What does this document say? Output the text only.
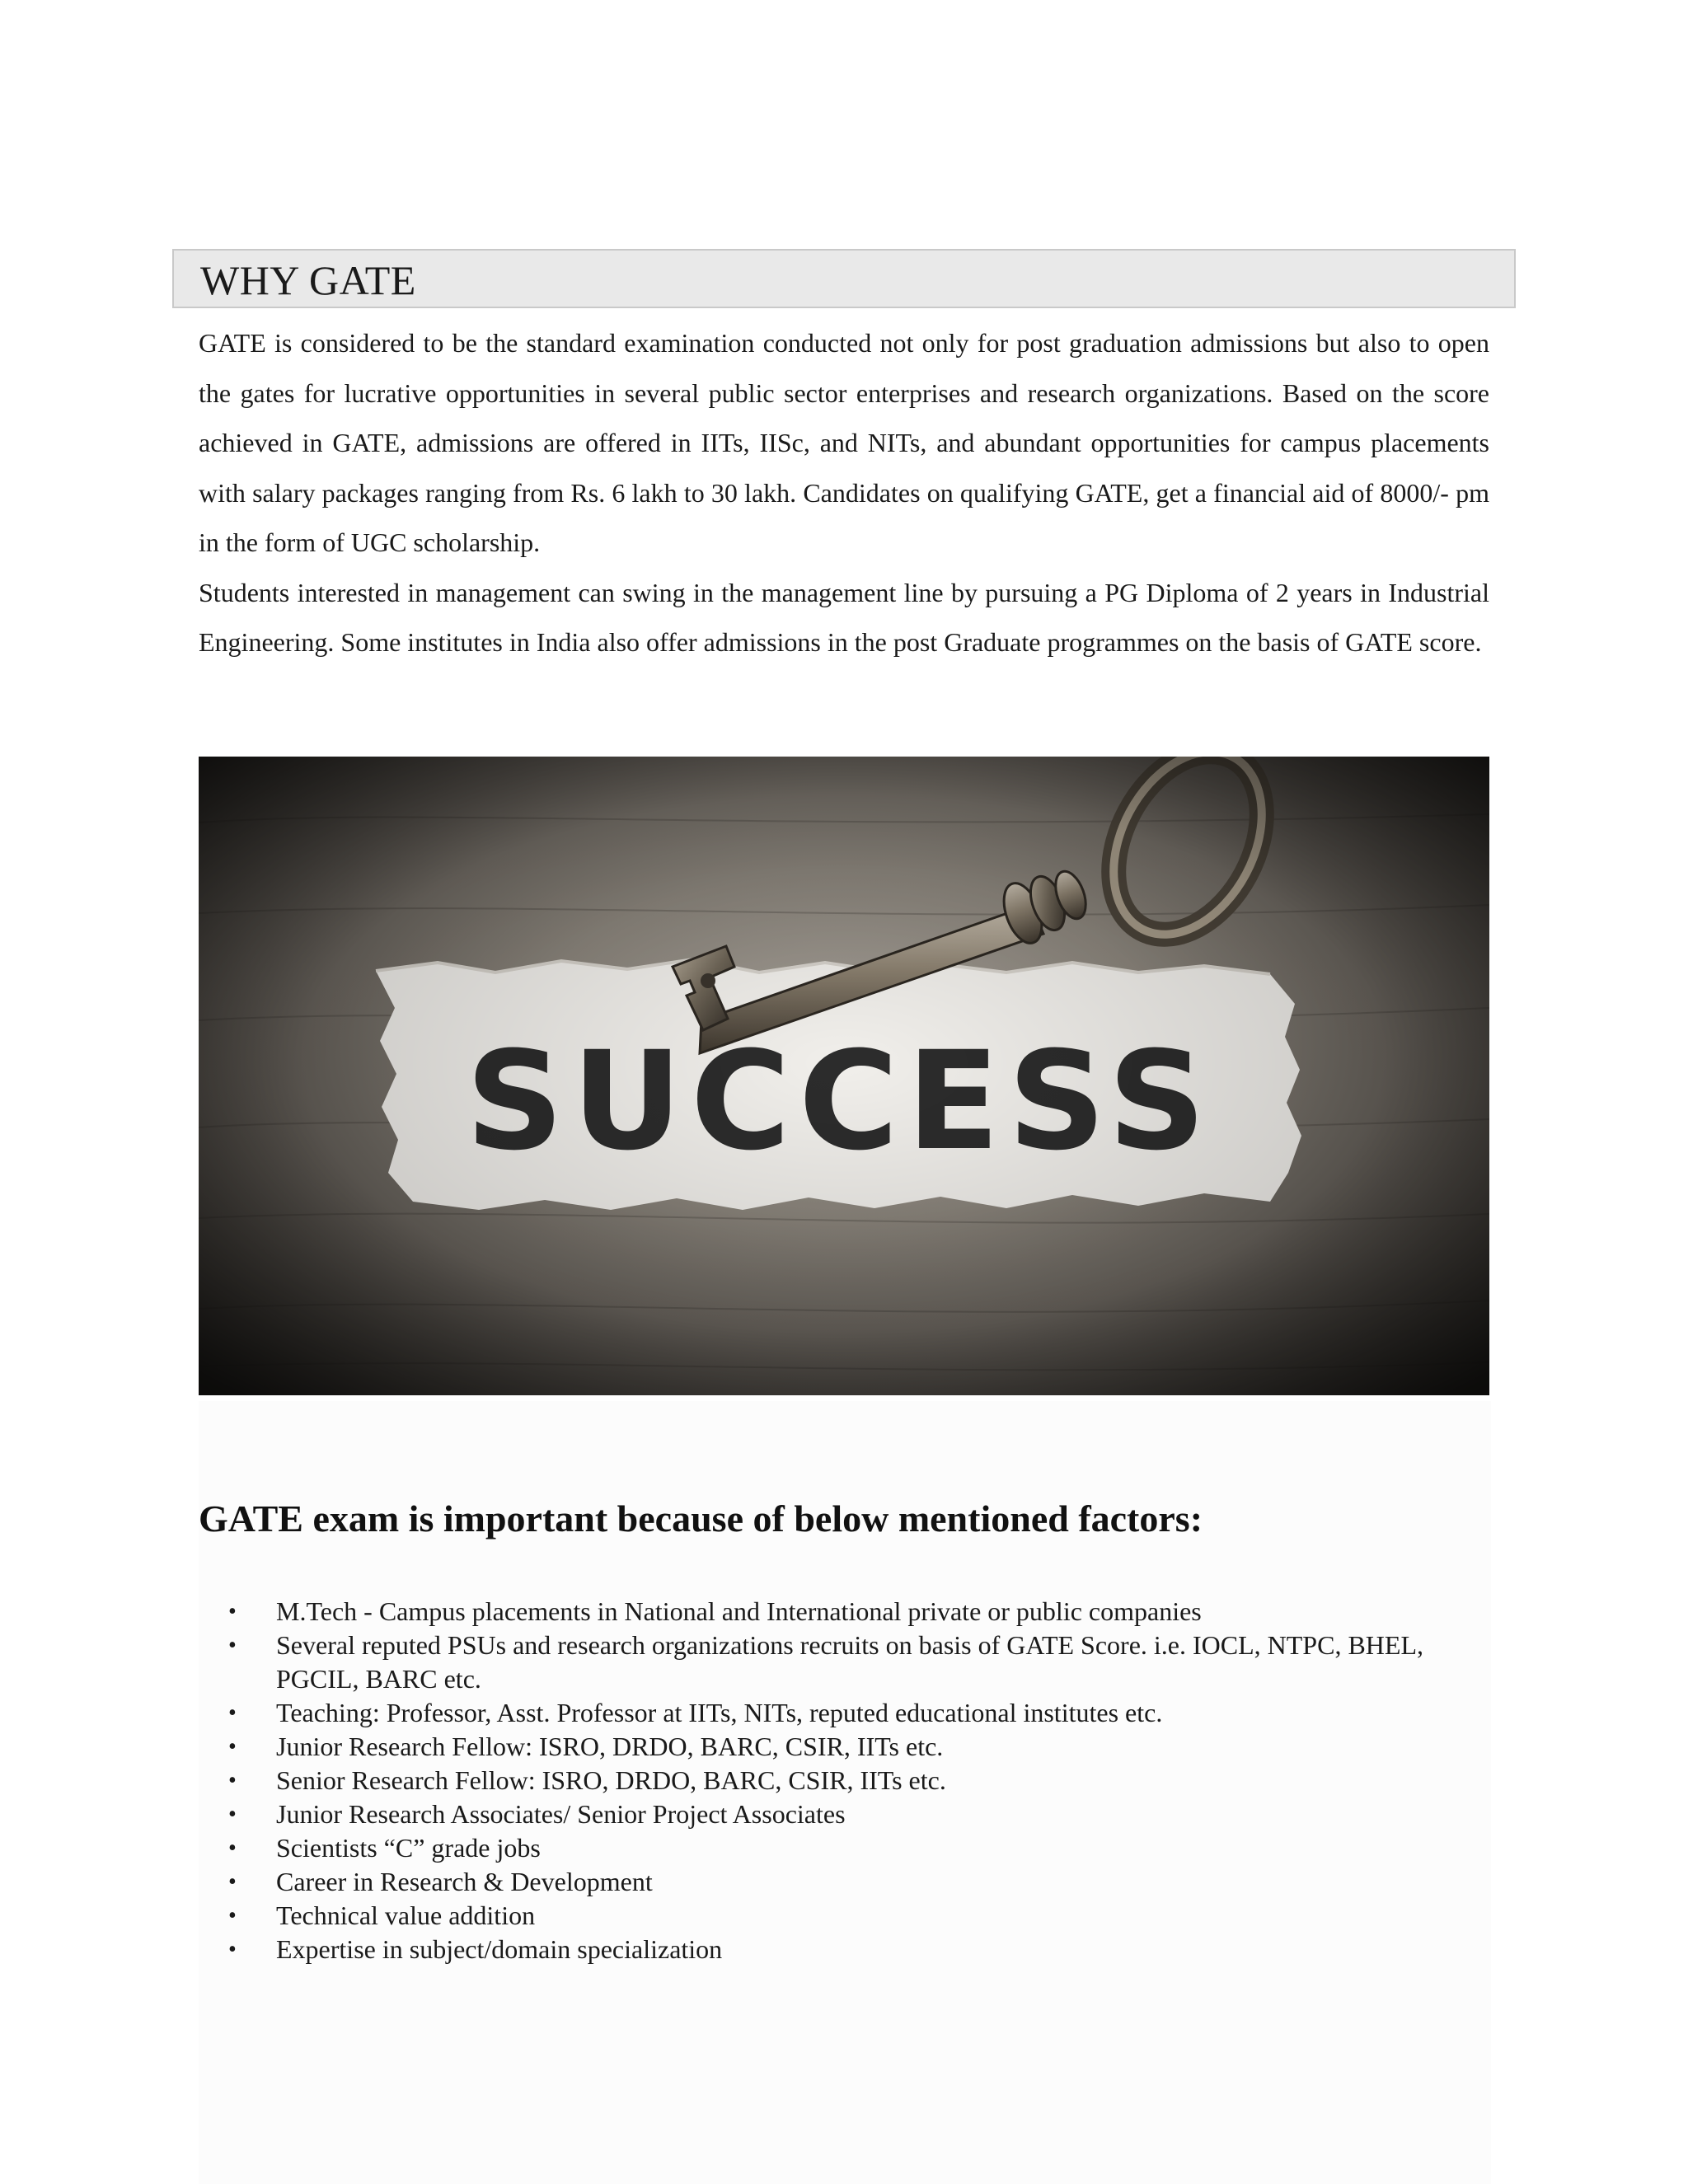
WHY GATE

GATE is considered to be the standard examination conducted not only for post graduation admissions but also to open the gates for lucrative opportunities in several public sector enterprises and research organizations. Based on the score achieved in GATE, admissions are offered in IITs, IISc, and NITs, and abundant opportunities for campus placements with salary packages ranging from Rs. 6 lakh to 30 lakh. Candidates on qualifying GATE, get a financial aid of 8000/- pm in the form of UGC scholarship.

Students interested in management can swing in the management line by pursuing a PG Diploma of 2 years in Industrial Engineering. Some institutes in India also offer admissions in the post Graduate programmes on the basis of GATE score.

GATE exam is important because of below mentioned factors:
• M.Tech - Campus placements in National and International private or public companies
• Several reputed PSUs and research organizations recruits on basis of GATE Score. i.e. IOCL, NTPC, BHEL, PGCIL, BARC etc.
• Teaching: Professor, Asst. Professor at IITs, NITs, reputed educational institutes etc.
• Junior Research Fellow: ISRO, DRDO, BARC, CSIR, IITs etc.
• Senior Research Fellow: ISRO, DRDO, BARC, CSIR, IITs etc.
• Junior Research Associates/ Senior Project Associates
• Scientists “C” grade jobs
• Career in Research & Development
• Technical value addition
• Expertise in subject/domain specialization
